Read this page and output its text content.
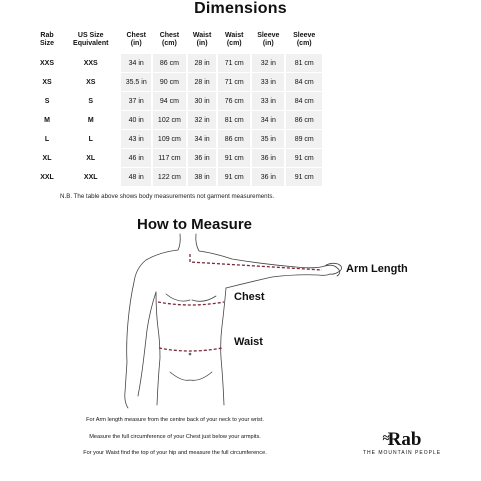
Dimensions
Rab Size	US Size Equivalent	Chest (in)	Chest (cm)	Waist (in)	Waist (cm)	Sleeve (in)	Sleeve (cm)
XXS	XXS	34 in	86 cm	28 in	71 cm	32 in	81 cm
XS	XS	35.5 in	90 cm	28 in	71 cm	33 in	84 cm
S	S	37 in	94 cm	30 in	76 cm	33 in	84 cm
M	M	40 in	102 cm	32 in	81 cm	34 in	86 cm
L	L	43 in	109 cm	34 in	86 cm	35 in	89 cm
XL	XL	46 in	117 cm	36 in	91 cm	36 in	91 cm
XXL	XXL	48 in	122 cm	38 in	91 cm	36 in	91 cm
N.B. The table above shows body measurements not garment measurements.
How to Measure
Arm Length
Chest
Waist
For Arm length measure from the centre back of your neck to your wrist.
Measure the full circumference of your Chest just below your armpits.
For your Waist find the top of your hip and measure the full circumference.
≈Rab
THE MOUNTAIN PEOPLE
